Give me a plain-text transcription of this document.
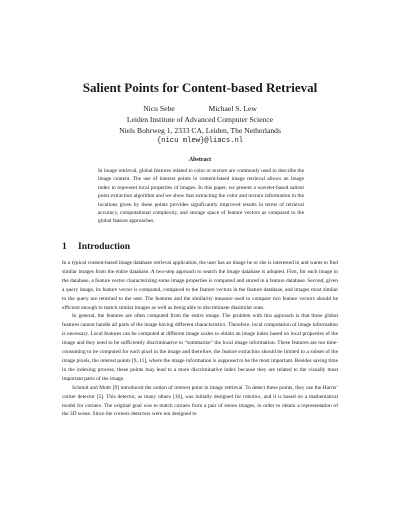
Salient Points for Content-based Retrieval
Nicu Sebe	Michael S. Lew
Leiden Institute of Advanced Computer Science
Niels Bohrweg 1, 2333 CA, Leiden, The Netherlands
{nicu mlew}@liacs.nl
Abstract
In image retrieval, global features related to color or texture are commonly used to describe the image content. The use of interest points in content-based image retrieval allows an image index to represent local properties of images. In this paper, we present a wavelet-based salient point extraction algorithm and we show that extracting the color and texture information in the locations given by these points provides significantly improved results in terms of retrieval accuracy, computational complexity, and storage space of feature vectors as compared to the global feature approaches.
1 Introduction

In a typical content-based image database retrieval application, the user has an image he or she is interested in and wants to find similar images from the entire database. A two-step approach to search the image database is adopted. First, for each image in the database, a feature vector characterizing some image properties is computed and stored in a feature database. Second, given a query image, its feature vector is computed, compared to the feature vectors in the feature database, and images most similar to the query are returned to the user. The features and the similarity measure used to compare two feature vectors should be efficient enough to match similar images as well as being able to discriminate dissimilar ones.

In general, the features are often computed from the entire image. The problem with this approach is that these global features cannot handle all parts of the image having different characteristics. Therefore, local computation of image information is necessary. Local features can be computed at different image scales to obtain an image index based on local properties of the image and they need to be sufficiently discriminative to “summarize” the local image information. These features are too time-consuming to be computed for each pixel in the image and therefore, the feature extraction should be limited to a subset of the image pixels, the interest points [9, 11], where the image information is supposed to be the most important. Besides saving time in the indexing process, these points may lead to a more discriminative index because they are related to the visually most important parts of the image.

Schmid and Mohr [9] introduced the notion of interest point in image retrieval. To detect these points, they use the Harris’ corner detector [5]. This detector, as many others [10], was initially designed for robotics, and it is based on a mathematical model for corners. The original goal was to match corners from a pair of stereo images, in order to obtain a representation of the 3D scene. Since the corners detectors were not designed to
